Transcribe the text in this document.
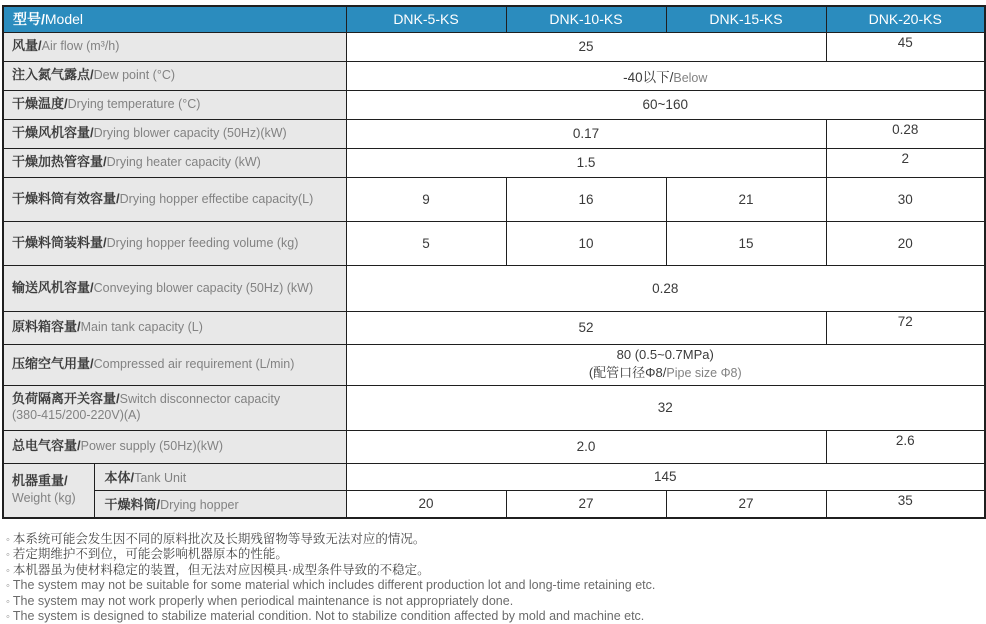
型号/Model		DNK-5-KS	DNK-10-KS	DNK-15-KS	DNK-20-KS
风量/Air flow (m³/h)		25			45
注入氮气露点/Dew point (°C)		-40以下/Below			
干燥温度/Drying temperature (°C)		60~160			
干燥风机容量/Drying blower capacity (50Hz)(kW)		0.17			0.28
干燥加热管容量/Drying heater capacity (kW)		1.5			2
干燥料筒有效容量/Drying hopper effectibe capacity(L)		9	16	21	30
干燥料筒装料量/Drying hopper feeding volume (kg)		5	10	15	20
输送风机容量/Conveying blower capacity (50Hz) (kW)		0.28			
原料箱容量/Main tank capacity (L)		52			72
压缩空气用量/Compressed air requirement (L/min)		80 (0.5~0.7MPa)
(配管口径Φ8/Pipe size Φ8)			

负荷隔离开关容量/Switch disconnector capacity
(380-415/200-220V)(A)		32			
总电气容量/Power supply (50Hz)(kW)		2.0			2.6
机器重量/
Weight (kg)	本体/Tank Unit	145			
	干燥料筒/Drying hopper	20	27	27	35
◦ 本系统可能会发生因不同的原料批次及长期残留物等导致无法对应的情况。
◦ 若定期维护不到位，可能会影响机器原本的性能。
◦ 本机器虽为使材料稳定的装置，但无法对应因模具·成型条件导致的不稳定。
◦ The system may not be suitable for some material which includes different production lot and long-time retaining etc.
◦ The system may not work properly when periodical maintenance is not appropriately done.
◦ The system is designed to stabilize material condition. Not to stabilize condition affected by mold and machine etc.
